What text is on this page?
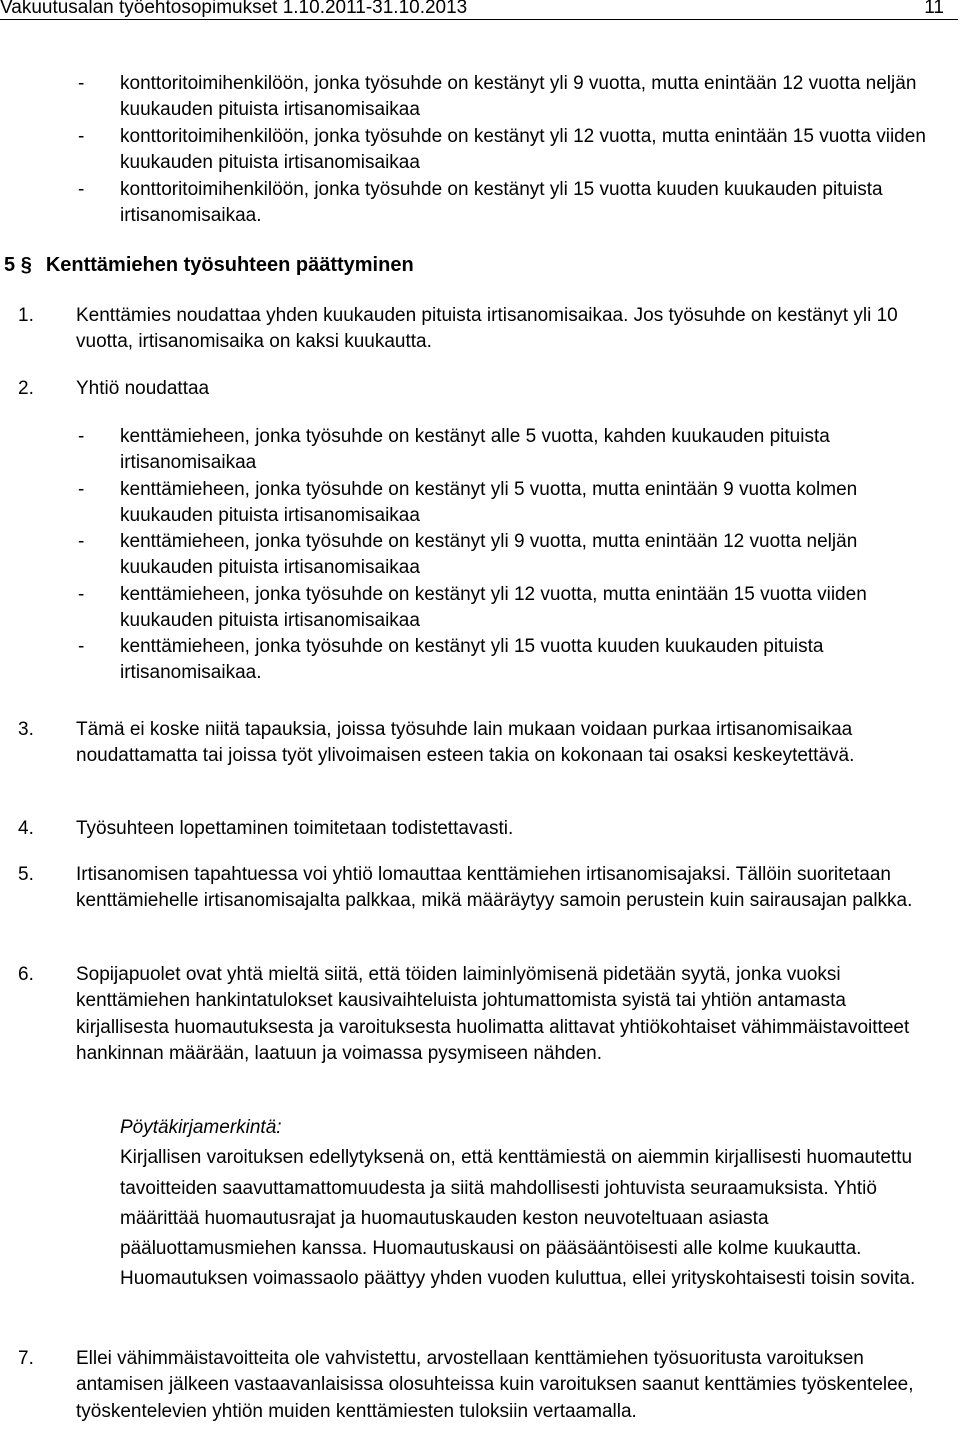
Vakuutusalan työehtosopimukset 1.10.2011-31.10.2013	11
- konttoritoimihenkilöön, jonka työsuhde on kestänyt yli 9 vuotta, mutta enintään 12 vuotta neljän kuukauden pituista irtisanomisaikaa
- konttoritoimihenkilöön, jonka työsuhde on kestänyt yli 12 vuotta, mutta enintään 15 vuotta viiden kuukauden pituista irtisanomisaikaa
- konttoritoimihenkilöön, jonka työsuhde on kestänyt yli 15 vuotta kuuden kuukauden pituista irtisanomisaikaa.
5 § Kenttämiehen työsuhteen päättyminen
1. Kenttämies noudattaa yhden kuukauden pituista irtisanomisaikaa. Jos työsuhde on kestänyt yli 10 vuotta, irtisanomisaika on kaksi kuukautta.
2. Yhtiö noudattaa
- kenttämieheen, jonka työsuhde on kestänyt alle 5 vuotta, kahden kuukauden pituista irtisanomisaikaa
- kenttämieheen, jonka työsuhde on kestänyt yli 5 vuotta, mutta enintään 9 vuotta kolmen kuukauden pituista irtisanomisaikaa
- kenttämieheen, jonka työsuhde on kestänyt yli 9 vuotta, mutta enintään 12 vuotta neljän kuukauden pituista irtisanomisaikaa
- kenttämieheen, jonka työsuhde on kestänyt yli 12 vuotta, mutta enintään 15 vuotta viiden kuukauden pituista irtisanomisaikaa
- kenttämieheen, jonka työsuhde on kestänyt yli 15 vuotta kuuden kuukauden pituista irtisanomisaikaa.
3. Tämä ei koske niitä tapauksia, joissa työsuhde lain mukaan voidaan purkaa irtisanomisaikaa noudattamatta tai joissa työt ylivoimaisen esteen takia on kokonaan tai osaksi keskeytettävä.
4. Työsuhteen lopettaminen toimitetaan todistettavasti.
5. Irtisanomisen tapahtuessa voi yhtiö lomauttaa kenttämiehen irtisanomisajaksi. Tällöin suoritetaan kenttämiehelle irtisanomisajalta palkkaa, mikä määräytyy samoin perustein kuin sairausajan palkka.
6. Sopijapuolet ovat yhtä mieltä siitä, että töiden laiminlyömisenä pidetään syytä, jonka vuoksi kenttämiehen hankintatulokset kausivaihteluista johtumattomista syistä tai yhtiön antamasta kirjallisesta huomautuksesta ja varoituksesta huolimatta alittavat yhtiökohtaiset vähimmäistavoitteet hankinnan määrään, laatuun ja voimassa pysymiseen nähden.
Pöytäkirjamerkintä:
Kirjallisen varoituksen edellytyksenä on, että kenttämiestä on aiemmin kirjallisesti huomautettu tavoitteiden saavuttamattomuudesta ja siitä mahdollisesti johtuvista seuraamuksista. Yhtiö määrittää huomautusrajat ja huomautuskauden keston neuvoteltuaan asiasta pääluottamusmiehen kanssa. Huomautuskausi on pääsääntöisesti alle kolme kuukautta. Huomautuksen voimassaolo päättyy yhden vuoden kuluttua, ellei yrityskohtaisesti toisin sovita.
7. Ellei vähimmäistavoitteita ole vahvistettu, arvostellaan kenttämiehen työsuoritusta varoituksen antamisen jälkeen vastaavanlaisissa olosuhteissa kuin varoituksen saanut kenttämies työskentelee, työskentelevien yhtiön muiden kenttämiesten tuloksiin vertaamalla.
